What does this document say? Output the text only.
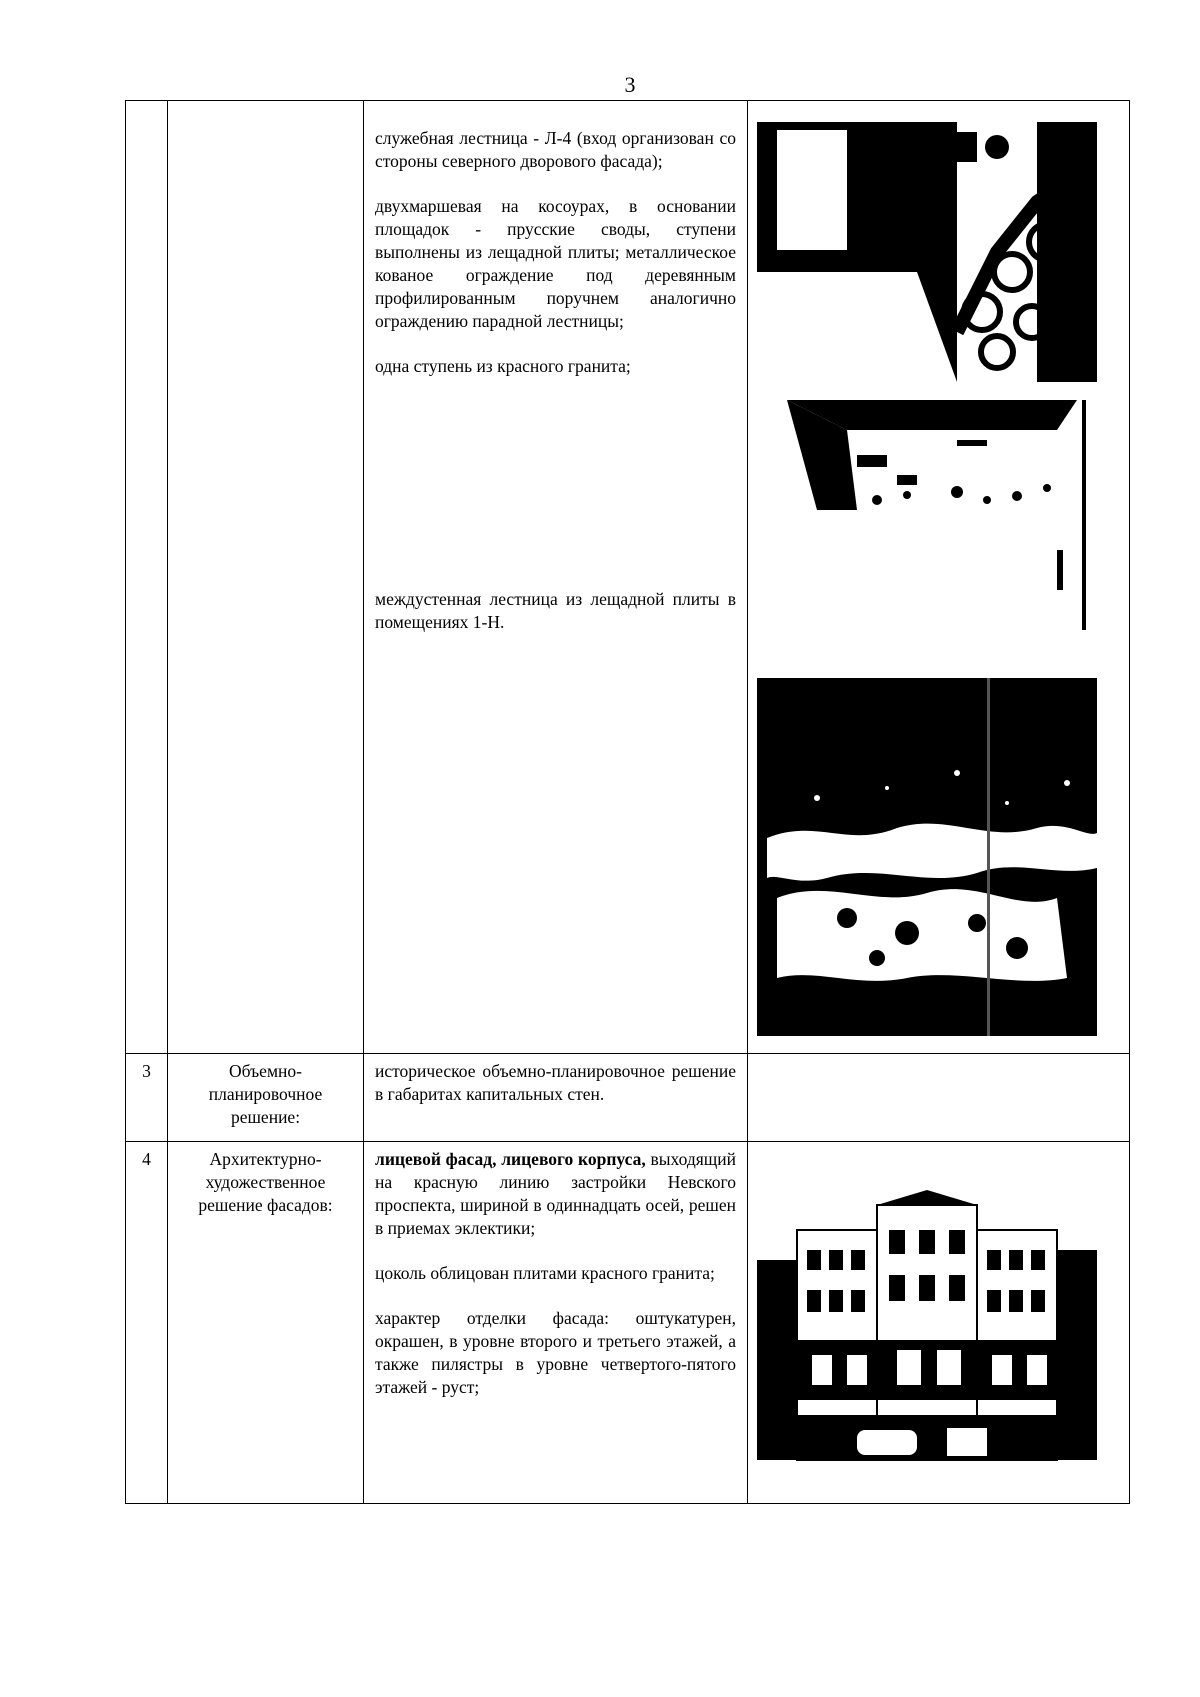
3

		служебная лестница - Л-4 (вход организован со стороны северного дворового фасада);

двухмаршевая на косоурах, в основании площадок - прусские своды, ступени выполнены из лещадной плиты; металлическое кованое ограждение под деревянным профилированным поручнем аналогично ограждению парадной лестницы;

одна ступень из красного гранита;

междустенная лестница из лещадной плиты в помещениях 1-Н.	

3	Объемно-планировочное решение:	историческое объемно-планировочное решение в габаритах капитальных стен.	

4	Архитектурно-художественное решение фасадов:	лицевой фасад, лицевого корпуса, выходящий на красную линию застройки Невского проспекта, шириной в одиннадцать осей, решен в приемах эклектики;

цоколь облицован плитами красного гранита;

характер отделки фасада: оштукатурен, окрашен, в уровне второго и третьего этажей, а также пилястры в уровне четвертого-пятого этажей - руст;	
